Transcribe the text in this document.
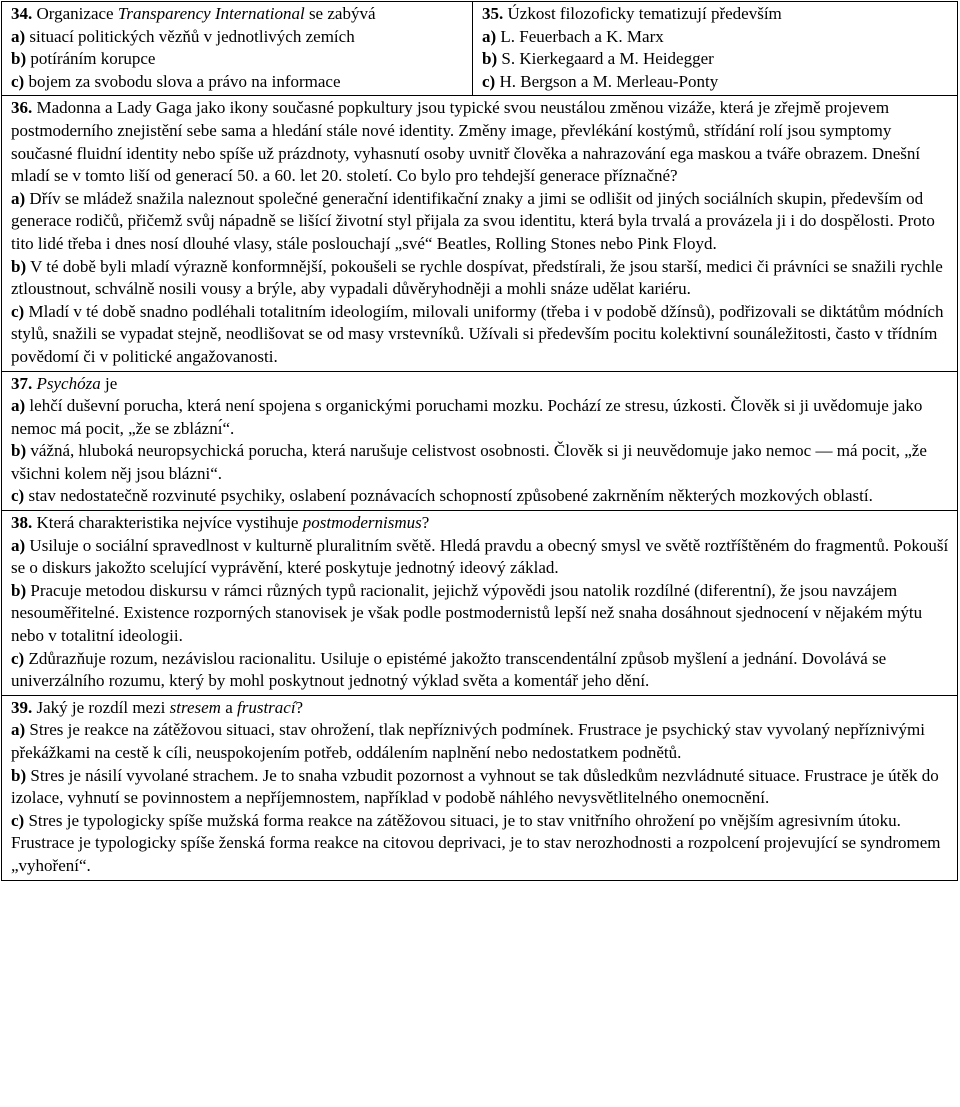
34. Organizace Transparency International se zabývá
a) situací politických vězňů v jednotlivých zemích
b) potíráním korupce
c) bojem za svobodu slova a právo na informace

35. Úzkost filozoficky tematizují především
a) L. Feuerbach a K. Marx
b) S. Kierkegaard a M. Heidegger
c) H. Bergson a M. Merleau-Ponty

36. Madonna a Lady Gaga jako ikony současné popkultury jsou typické svou neustálou změnou vizáže, která je zřejmě projevem postmoderního znejistění sebe sama a hledání stále nové identity. Změny image, převlékání kostýmů, střídání rolí jsou symptomy současné fluidní identity nebo spíše už prázdnoty, vyhasnutí osoby uvnitř člověka a nahrazování ega maskou a tváře obrazem. Dnešní mladí se v tomto liší od generací 50. a 60. let 20. století. Co bylo pro tehdejší generace příznačné?
a) Dřív se mládež snažila naleznout společné generační identifikační znaky a jimi se odlišit od jiných sociálních skupin, především od generace rodičů, přičemž svůj nápadně se lišící životní styl přijala za svou identitu, která byla trvalá a provázela ji i do dospělosti. Proto tito lidé třeba i dnes nosí dlouhé vlasy, stále poslouchají „své“ Beatles, Rolling Stones nebo Pink Floyd.
b) V té době byli mladí výrazně konformnější, pokoušeli se rychle dospívat, předstírali, že jsou starší, medici či právníci se snažili rychle ztloustnout, schválně nosili vousy a brýle, aby vypadali důvěryhodněji a mohli snáze udělat kariéru.
c) Mladí v té době snadno podléhali totalitním ideologiím, milovali uniformy (třeba i v podobě džínsů), podřizovali se diktátům módních stylů, snažili se vypadat stejně, neodlišovat se od masy vrstevníků. Užívali si především pocitu kolektivní sounáležitosti, často v třídním povědomí či v politické angažovanosti.

37. Psychóza je
a) lehčí duševní porucha, která není spojena s organickými poruchami mozku. Pochází ze stresu, úzkosti. Člověk si ji uvědomuje jako nemoc má pocit, „že se zbláznı́“.
b) vážná, hluboká neuropsychická porucha, která narušuje celistvost osobnosti. Člověk si ji neuvědomuje jako nemoc — má pocit, „že všichni kolem něj jsou blázni“.
c) stav nedostatečně rozvinuté psychiky, oslabení poznávacích schopností způsobené zakrněním některých mozkových oblastí.

38. Která charakteristika nejvíce vystihuje postmodernismus?
a) Usiluje o sociální spravedlnost v kulturně pluralitním světě. Hledá pravdu a obecný smysl ve světě roztříštěném do fragmentů. Pokouší se o diskurs jakožto scelující vyprávění, které poskytuje jednotný ideový základ.
b) Pracuje metodou diskursu v rámci různých typů racionalit, jejichž výpovědi jsou natolik rozdílné (diferentní), že jsou navzájem nesouměřitelné. Existence rozporných stanovisek je však podle postmodernistů lepší než snaha dosáhnout sjednocení v nějakém mýtu nebo v totalitní ideologii.
c) Zdůrazňuje rozum, nezávislou racionalitu. Usiluje o epistémé jakožto transcendentální způsob myšlení a jednání. Dovolává se univerzálního rozumu, který by mohl poskytnout jednotný výklad světa a komentář jeho dění.

39. Jaký je rozdíl mezi stresem a frustrací?
a) Stres je reakce na zátěžovou situaci, stav ohrožení, tlak nepříznivých podmínek. Frustrace je psychický stav vyvolaný nepříznivými překážkami na cestě k cíli, neuspokojením potřeb, oddálením naplnění nebo nedostatkem podnětů.
b) Stres je násilí vyvolané strachem. Je to snaha vzbudit pozornost a vyhnout se tak důsledkům nezvládnuté situace. Frustrace je útěk do izolace, vyhnutí se povinnostem a nepříjemnostem, například v podobě náhlého nevysvětlitelného onemocnění.
c) Stres je typologicky spíše mužská forma reakce na zátěžovou situaci, je to stav vnitřního ohrožení po vnějším agresivním útoku. Frustrace je typologicky spíše ženská forma reakce na citovou deprivaci, je to stav nerozhodnosti a rozpolcení projevující se syndromem „vyhoření“.
